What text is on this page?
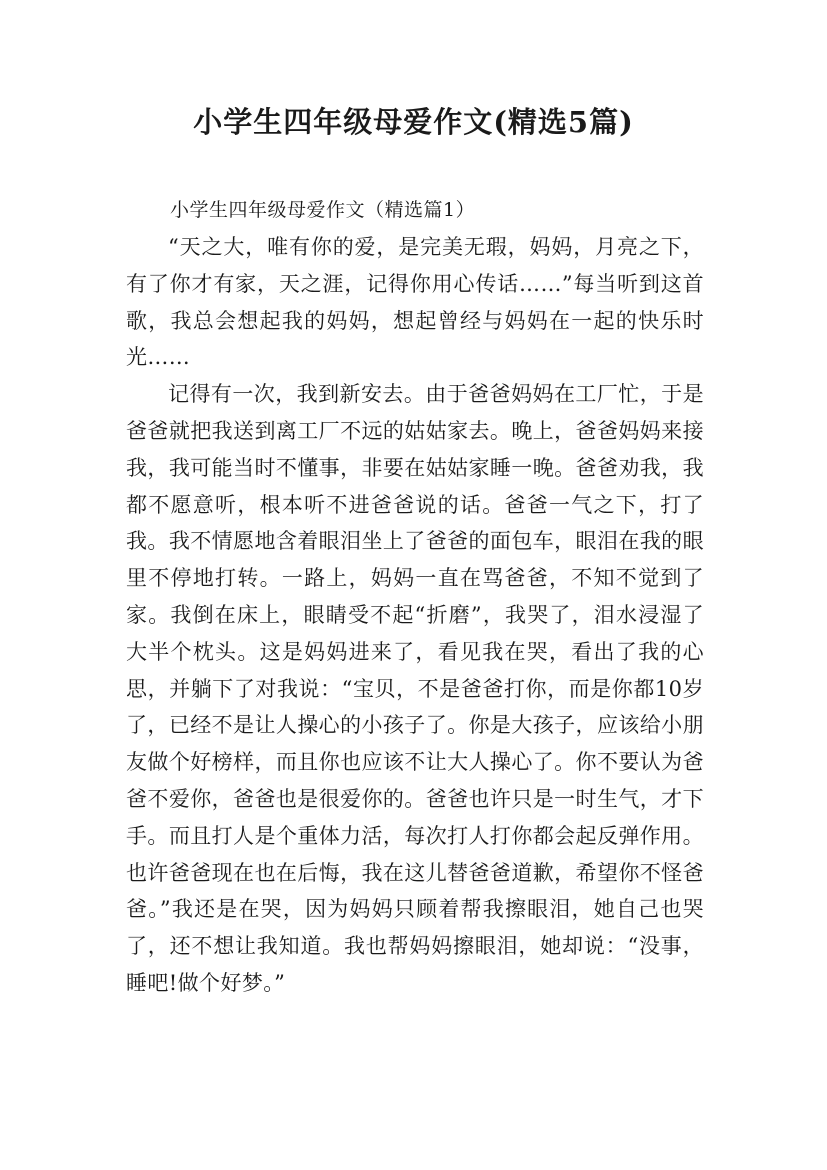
小学生四年级母爱作文(精选5篇)

小学生四年级母爱作文（精选篇1）

“天之大，唯有你的爱，是完美无瑕，妈妈，月亮之下，有了你才有家，天之涯，记得你用心传话……”每当听到这首歌，我总会想起我的妈妈，想起曾经与妈妈在一起的快乐时光……

记得有一次，我到新安去。由于爸爸妈妈在工厂忙，于是爸爸就把我送到离工厂不远的姑姑家去。晚上，爸爸妈妈来接我，我可能当时不懂事，非要在姑姑家睡一晚。爸爸劝我，我都不愿意听，根本听不进爸爸说的话。爸爸一气之下，打了我。我不情愿地含着眼泪坐上了爸爸的面包车，眼泪在我的眼里不停地打转。一路上，妈妈一直在骂爸爸，不知不觉到了家。我倒在床上，眼睛受不起“折磨”，我哭了，泪水浸湿了大半个枕头。这是妈妈进来了，看见我在哭，看出了我的心思，并躺下了对我说：“宝贝，不是爸爸打你，而是你都10岁了，已经不是让人操心的小孩子了。你是大孩子，应该给小朋友做个好榜样，而且你也应该不让大人操心了。你不要认为爸爸不爱你，爸爸也是很爱你的。爸爸也许只是一时生气，才下手。而且打人是个重体力活，每次打人打你都会起反弹作用。也许爸爸现在也在后悔，我在这儿替爸爸道歉，希望你不怪爸爸。”我还是在哭，因为妈妈只顾着帮我擦眼泪，她自己也哭了，还不想让我知道。我也帮妈妈擦眼泪，她却说：“没事，睡吧!做个好梦。”
